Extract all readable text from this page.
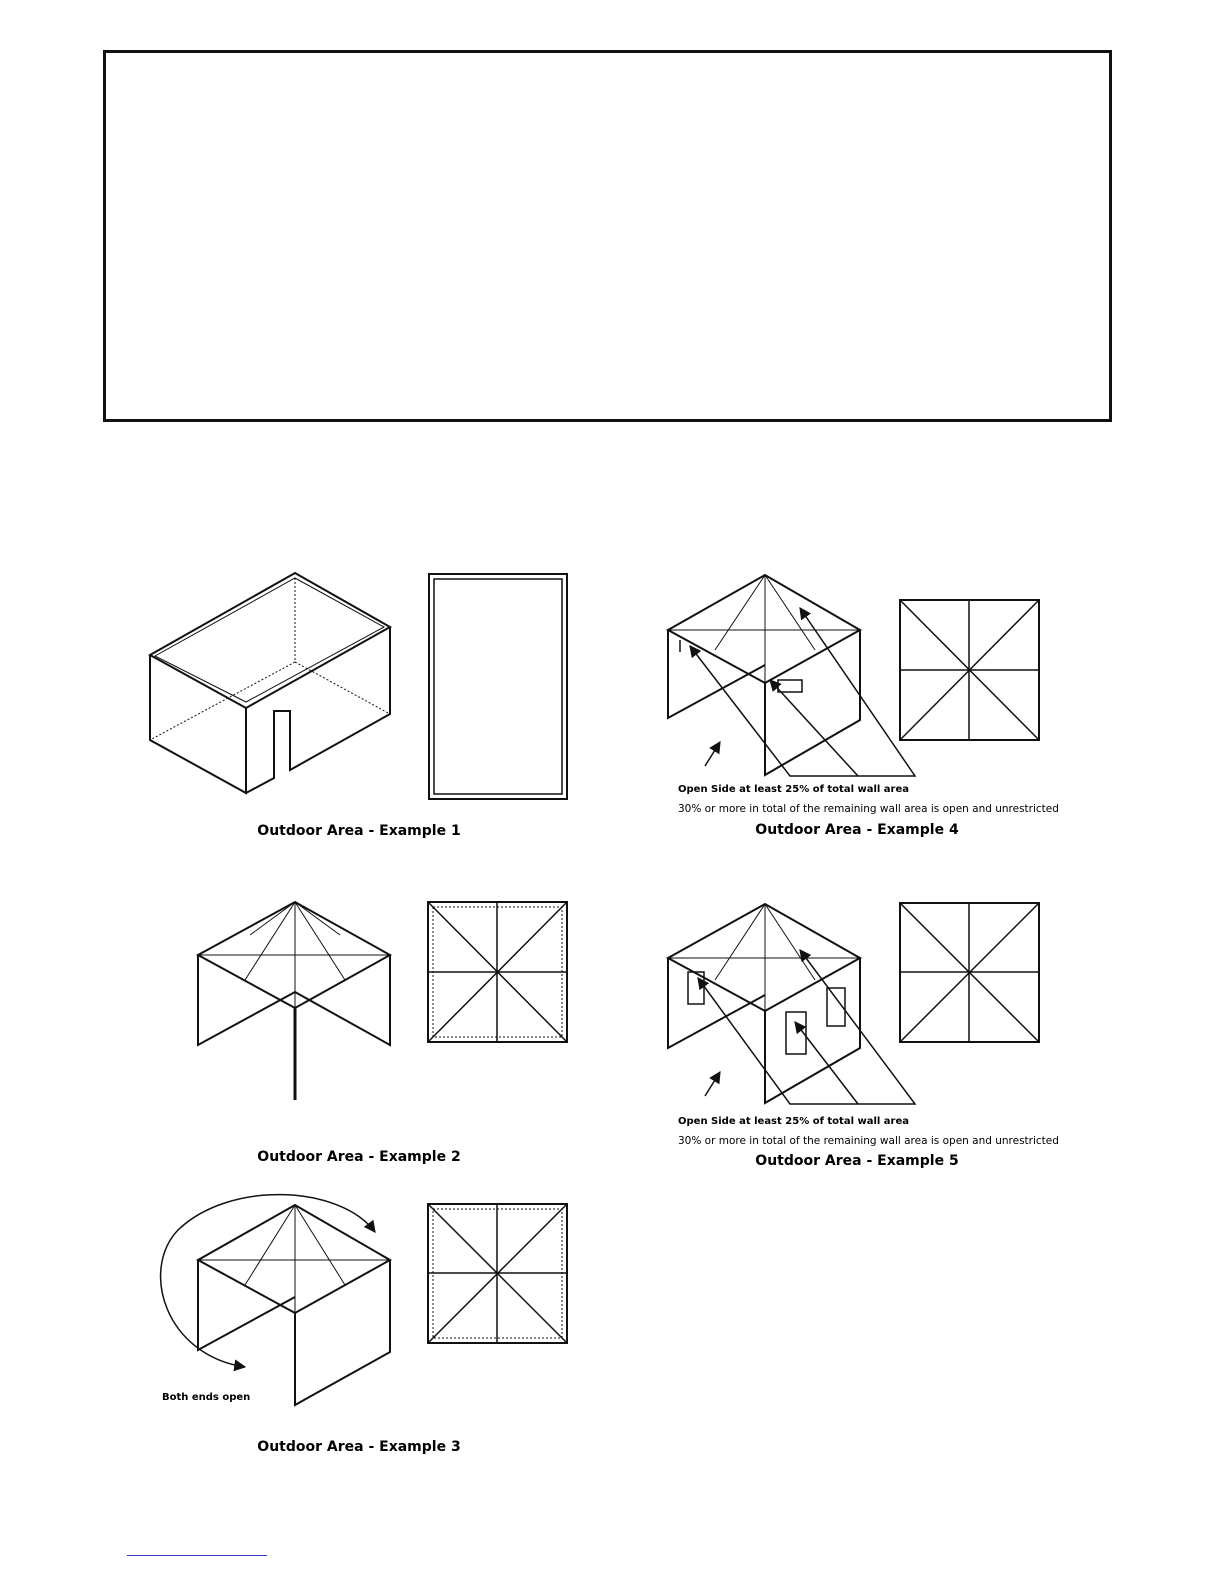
Outdoor Area - Example 1
Outdoor Area - Example 2
Outdoor Area - Example 3
Outdoor Area - Example 4
Outdoor Area - Example 5
Both ends open
Open Side at least 25% of total wall area
30% or more in total of the remaining wall area is open and unrestricted
Open Side at least 25% of total wall area
30% or more in total of the remaining wall area is open and unrestricted
